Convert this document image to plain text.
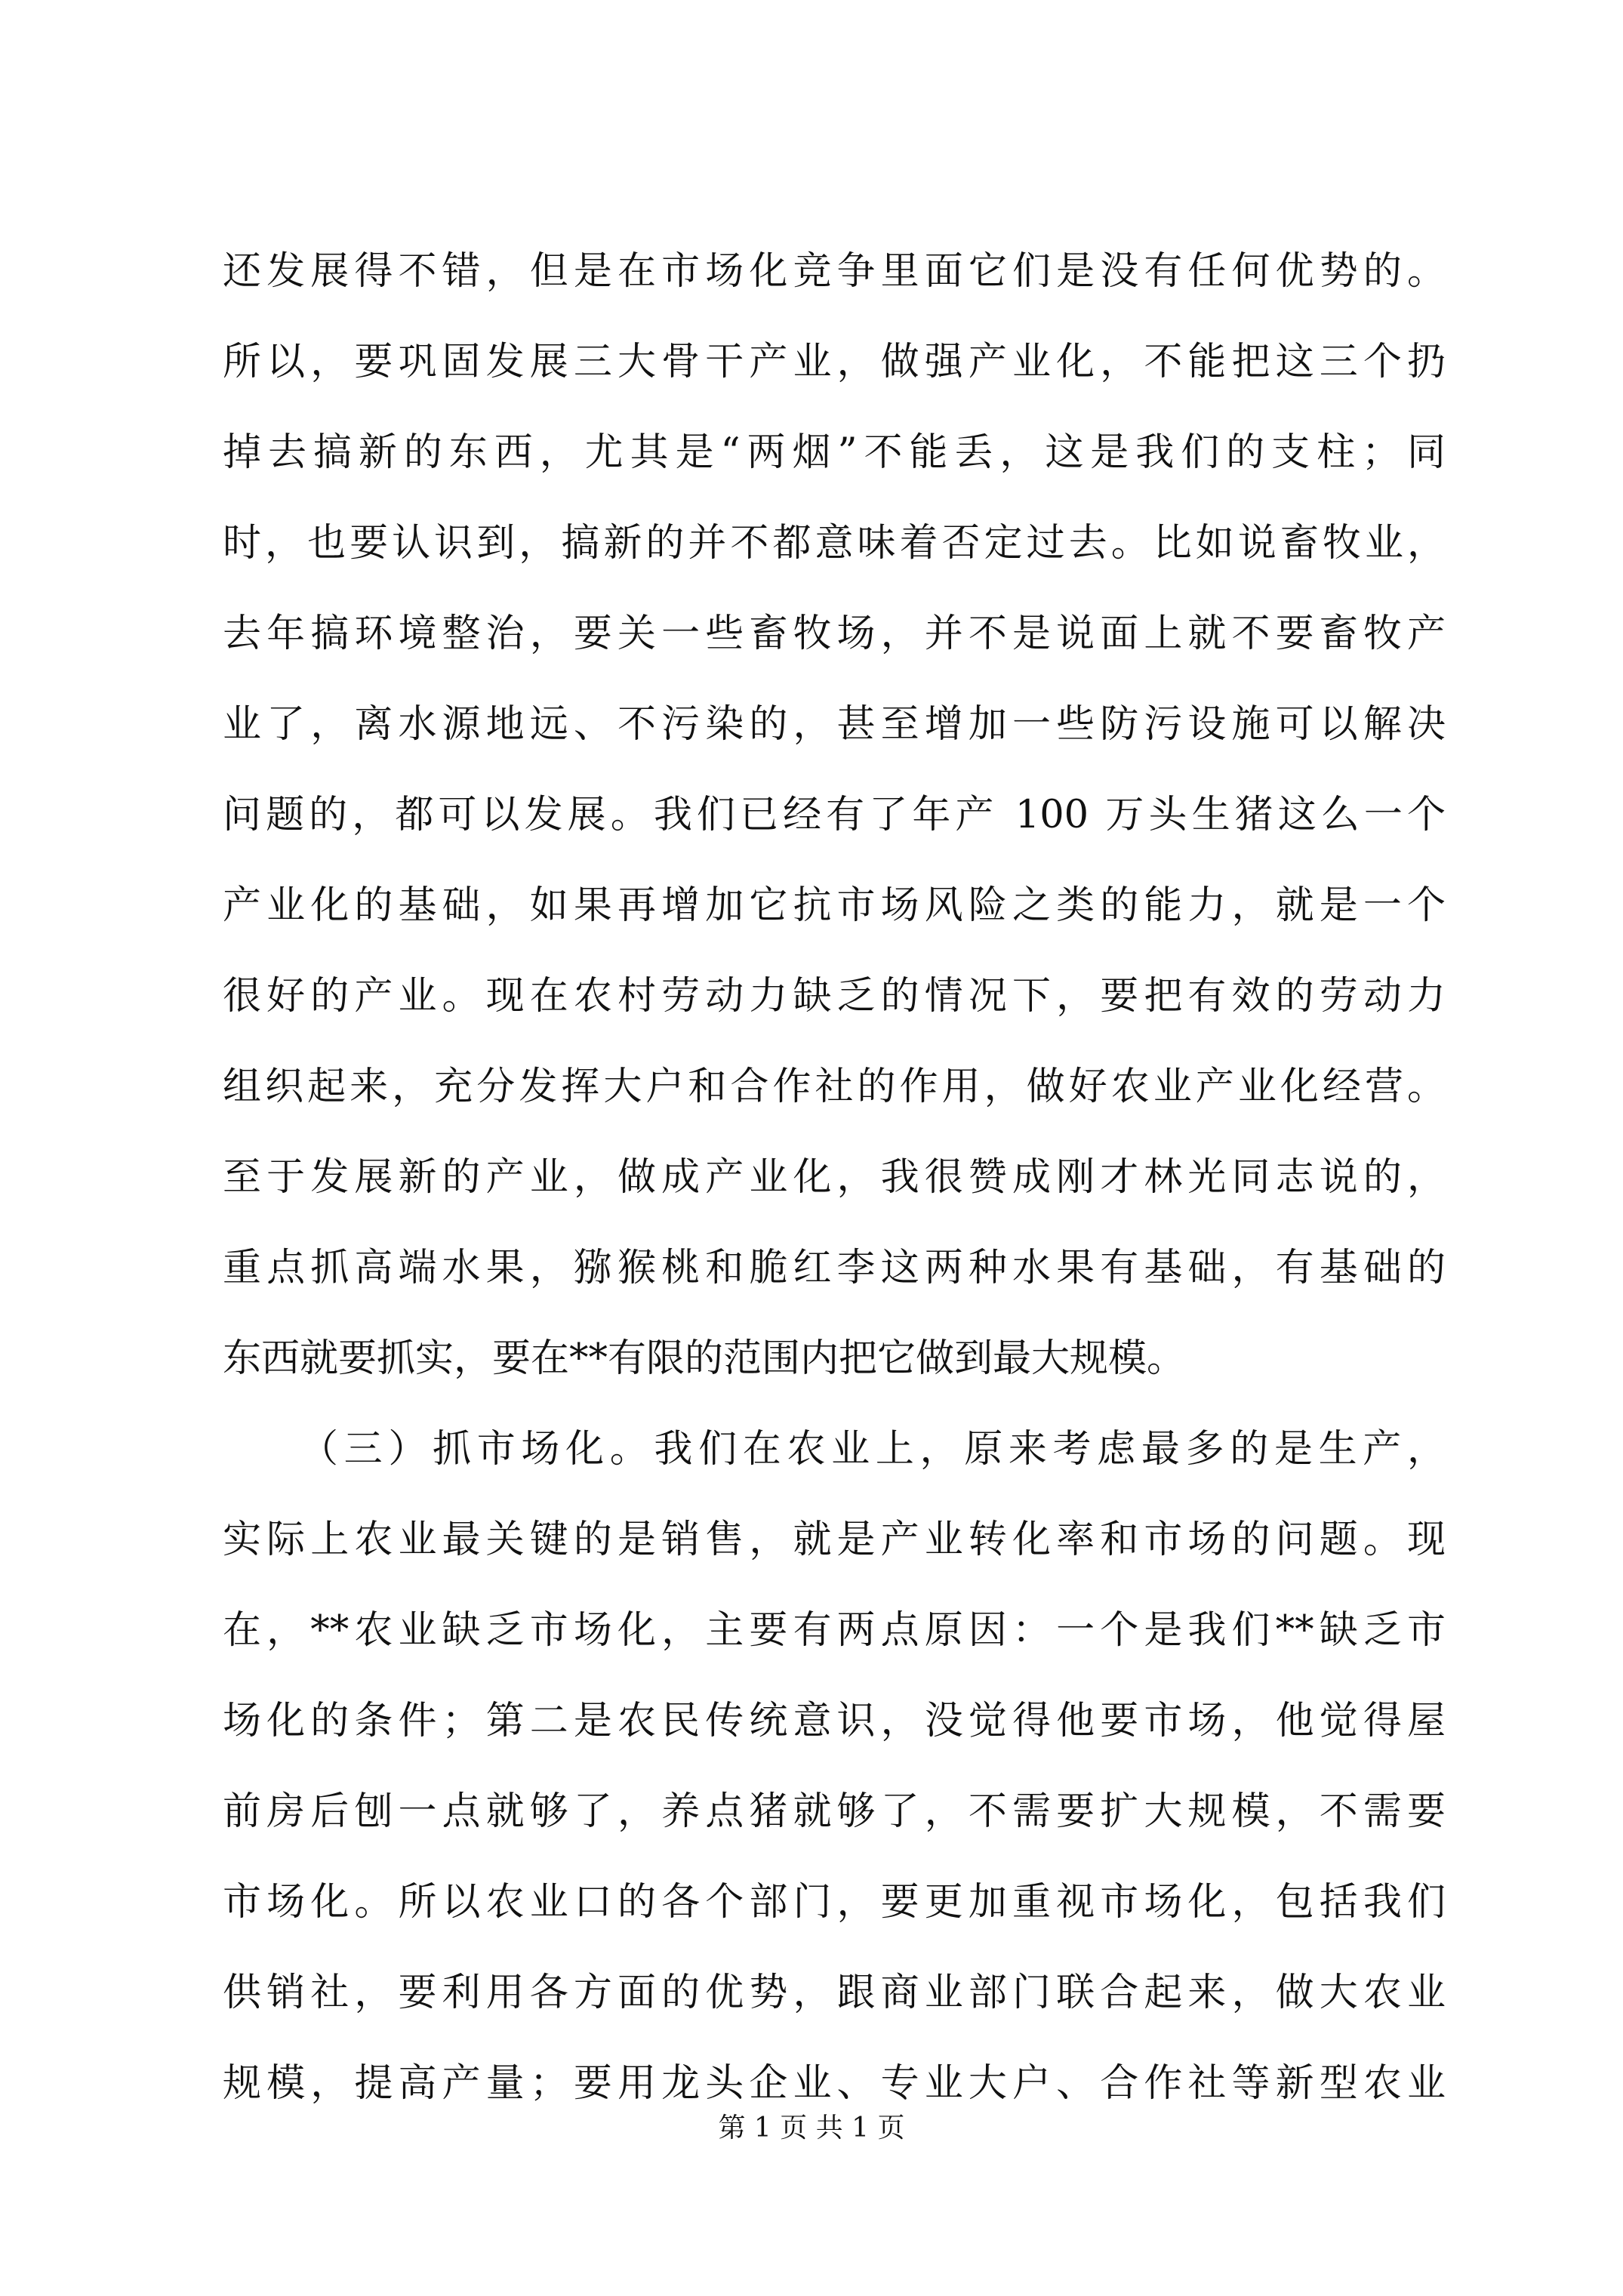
还发展得不错，但是在市场化竞争里面它们是没有任何优势的。
所以，要巩固发展三大骨干产业，做强产业化，不能把这三个扔
掉去搞新的东西，尤其是“两烟”不能丢，这是我们的支柱；同
时，也要认识到，搞新的并不都意味着否定过去。比如说畜牧业，
去年搞环境整治，要关一些畜牧场，并不是说面上就不要畜牧产
业了，离水源地远、不污染的，甚至增加一些防污设施可以解决
问题的，都可以发展。我们已经有了年产 100 万头生猪这么一个
产业化的基础，如果再增加它抗市场风险之类的能力，就是一个
很好的产业。现在农村劳动力缺乏的情况下，要把有效的劳动力
组织起来，充分发挥大户和合作社的作用，做好农业产业化经营。
至于发展新的产业，做成产业化，我很赞成刚才林光同志说的，
重点抓高端水果，猕猴桃和脆红李这两种水果有基础，有基础的
东西就要抓实，要在**有限的范围内把它做到最大规模。
（三）抓市场化。我们在农业上，原来考虑最多的是生产，
实际上农业最关键的是销售，就是产业转化率和市场的问题。现
在，**农业缺乏市场化，主要有两点原因：一个是我们**缺乏市
场化的条件；第二是农民传统意识，没觉得他要市场，他觉得屋
前房后刨一点就够了，养点猪就够了，不需要扩大规模，不需要
市场化。所以农业口的各个部门，要更加重视市场化，包括我们
供销社，要利用各方面的优势，跟商业部门联合起来，做大农业
规模，提高产量；要用龙头企业、专业大户、合作社等新型农业
第 1 页 共 1 页
